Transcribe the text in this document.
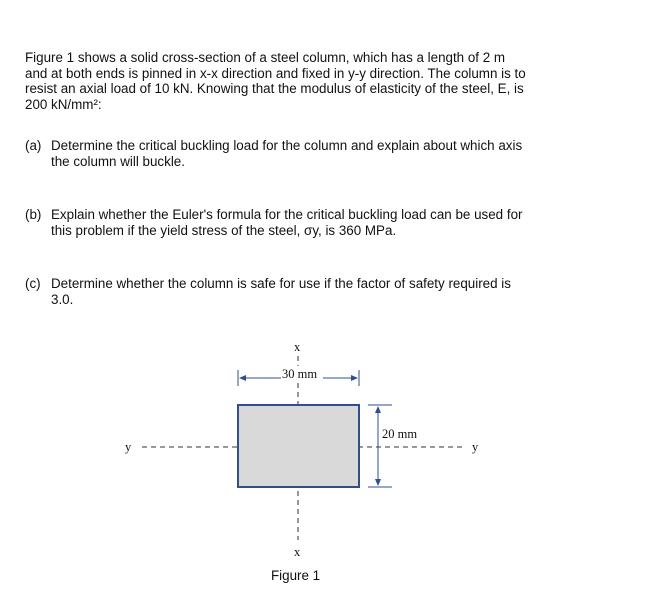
Figure 1 shows a solid cross-section of a steel column, which has a length of 2 m
and at both ends is pinned in x-x direction and fixed in y-y direction. The column is to
resist an axial load of 10 kN. Knowing that the modulus of elasticity of the steel, E, is
200 kN/mm²:
(a) Determine the critical buckling load for the column and explain about which axis
the column will buckle.
(b) Explain whether the Euler's formula for the critical buckling load can be used for
this problem if the yield stress of the steel, σy, is 360 MPa.
(c) Determine whether the column is safe for use if the factor of safety required is
3.0.
x
x
y	y
30 mm
20 mm
Figure 1
